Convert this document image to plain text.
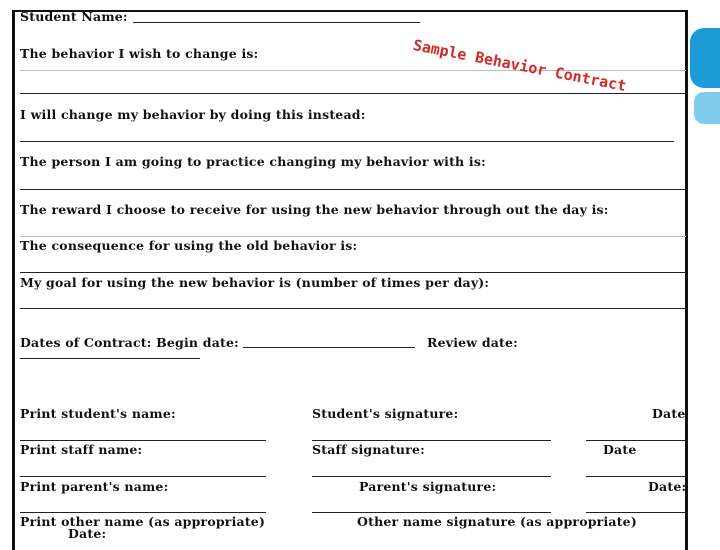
Student Name:
The behavior I wish to change is:
I will change my behavior by doing this instead:
The person I am going to practice changing my behavior with is:
The reward I choose to receive for using the new behavior through out the day is:
The consequence for using the old behavior is:
My goal for using the new behavior is (number of times per day):
Dates of Contract: Begin date:	Review date:
Print student's name:	Student's signature:	Date
Print staff name:	Staff signature:	Date
Print parent's name:	Parent's signature:	Date:
Print other name (as appropriate)	Other name signature (as appropriate)
Date:
Sample Behavior Contract
